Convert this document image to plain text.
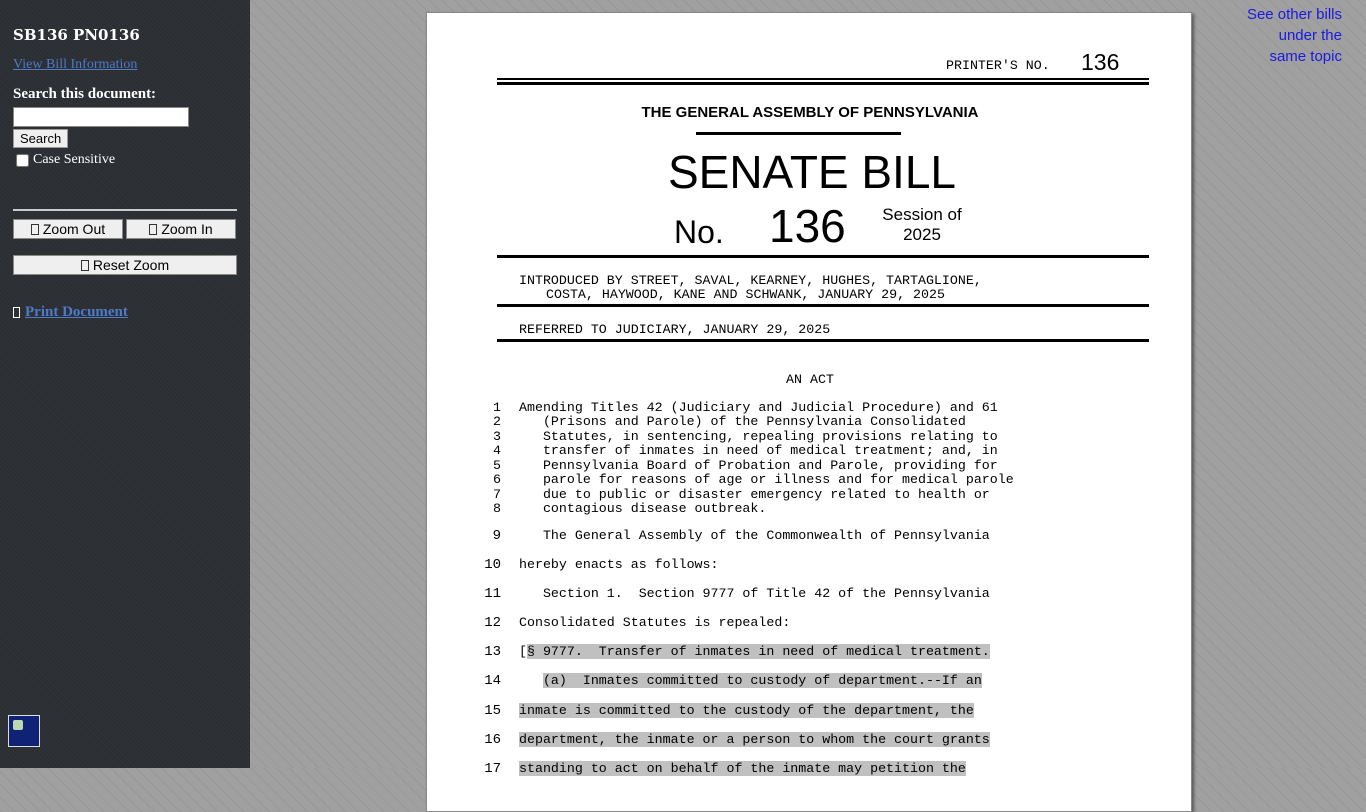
SB136 PN0136
View Bill Information
Search this document:
Search
Case Sensitive
Zoom Out	Zoom In
Reset Zoom
Print Document
See other bills
under the
same topic
PRINTER'S NO. 136
THE GENERAL ASSEMBLY OF PENNSYLVANIA
SENATE BILL
No. 136	Session of
2025
INTRODUCED BY STREET, SAVAL, KEARNEY, HUGHES, TARTAGLIONE,
COSTA, HAYWOOD, KANE AND SCHWANK, JANUARY 29, 2025
REFERRED TO JUDICIARY, JANUARY 29, 2025
AN ACT
1 Amending Titles 42 (Judiciary and Judicial Procedure) and 61
2 (Prisons and Parole) of the Pennsylvania Consolidated
3 Statutes, in sentencing, repealing provisions relating to
4 transfer of inmates in need of medical treatment; and, in
5 Pennsylvania Board of Probation and Parole, providing for
6 parole for reasons of age or illness and for medical parole
7 due to public or disaster emergency related to health or
8 contagious disease outbreak.
9 The General Assembly of the Commonwealth of Pennsylvania
10 hereby enacts as follows:
11 Section 1.  Section 9777 of Title 42 of the Pennsylvania
12 Consolidated Statutes is repealed:
13 [§ 9777.  Transfer of inmates in need of medical treatment.
14	(a)  Inmates committed to custody of department.--If an
15 inmate is committed to the custody of the department, the
16 department, the inmate or a person to whom the court grants
17 standing to act on behalf of the inmate may petition the
